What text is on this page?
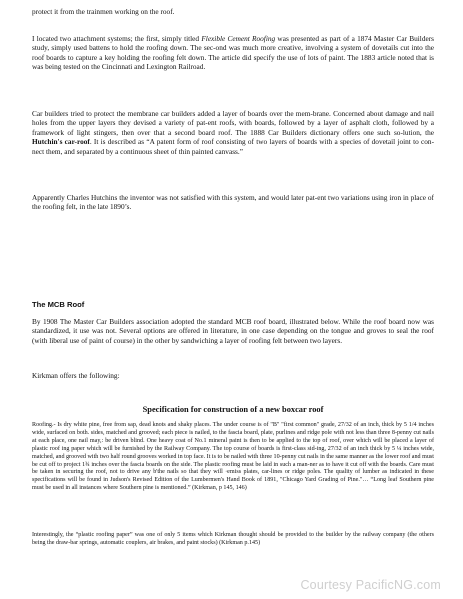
protect it from the trainmen working on the roof.

I located two attachment systems; the first, simply titled Flexible Cement Roofing was presented as part of a 1874 Master Car Builders study, simply used battens to hold the roofing down. The sec-ond was much more creative, involving a system of dovetails cut into the roof boards to capture a key holding the roofing felt down. The article did specify the use of lots of paint. The 1883 article noted that is was being tested on the Cincinnati and Lexington Railroad.

Car builders tried to protect the membrane car builders added a layer of boards over the mem-brane. Concerned about damage and nail holes from the upper layers they devised a variety of pat-ent roofs, with boards, followed by a layer of asphalt cloth, followed by a framework of light stingers, then over that a second board roof. The 1888 Car Builders dictionary offers one such so-lution, the Hutchin's car-roof. It is described as “A patent form of roof consisting of two layers of boards with a species of dovetail joint to con-nect them, and separated by a continuous sheet of thin painted canvass.”

Apparently Charles Hutchins the inventor was not satisfied with this system, and would later pat-ent two variations using iron in place of the roofing felt, in the late 1890’s.

The MCB Roof

By 1908 The Master Car Builders association adopted the standard MCB roof board, illustrated below. While the roof board now was standardized, it use was not. Several options are offered in literature, in one case depending on the tongue and groves to seal the roof (with liberal use of paint of course) in the other by sandwiching a layer of roofing felt between two layers.

Kirkman offers the following:

Specification for construction of a new boxcar roof

Roofing.- Is dry white pine, free from sap, dead knots and shaky places. The under course is of "B" "first common" grade, 27/32 of an inch, thick by 5 1/4 inches wide, surfaced on both. sides, matched and grooved; each piece is nailed, to the fascia board, plate, purlines and ridge pole with not less than three 8-penny cut nails at each place, one nail may,: be driven blind. One heavy coat of No.1 mineral paint is then to be applied to the top of roof, over which will be placed a layer of plastic roof ing paper which will be furnished by the Railway Company. The top course of boards is first-class sid-ing, 27/32 of an inch thick by 5 ¼ inches wide, matched, and grooved with two half round grooves worked in top face. It is to be nailed with three 10-penny cut nails in the same manner as the lower roof and must be cut off to project 1¾ inches over the fascia boards on the side. The plastic roofing must be laid in such a man-ner as to have it cut off with the boards. Care must be taken in securing the roof, not to drive any b'the nails so that they will ·emiss plates, car-lines or ridge poles. The quality of lumber as indicated in these specifications will be found in Judson's Revised Edition of the Lumbermen's Hand Book of 1891, "Chicago Yard Grading of Pine."… “Long leaf Southern pine must be used in all instances where Southern pine is mentioned.” (Kirkman, p 145, 146)

Interestingly, the “plastic roofing paper” was one of only 5 items which Kirkman thought should be provided to the builder by the railway company (the others being the draw-bar springs, automatic couplers, air brakes, and paint stocks) (Kirkman p.145)

Courtesy PacificNG.com
